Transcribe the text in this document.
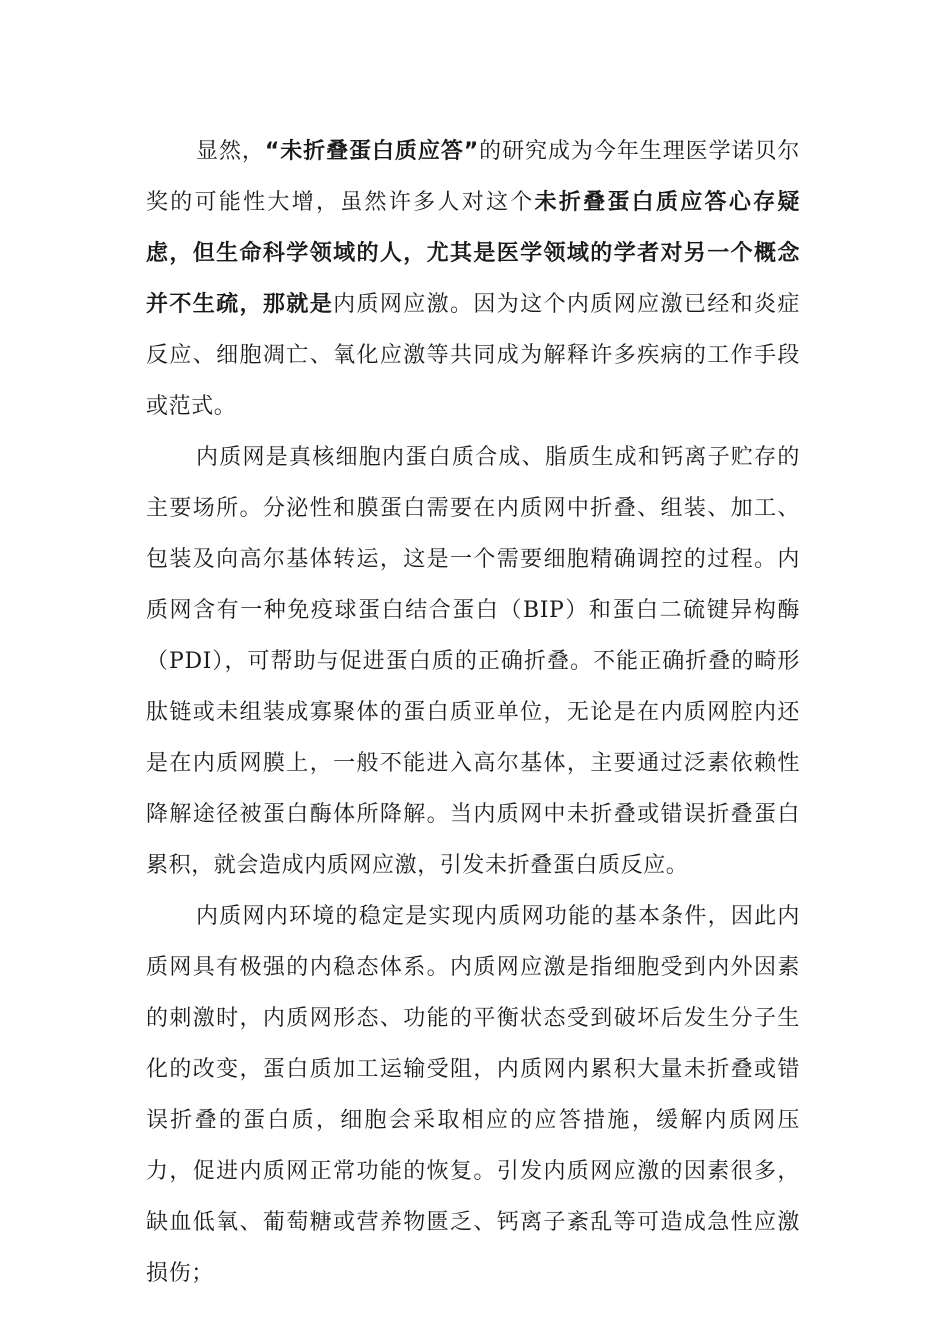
显然，“未折叠蛋白质应答”的研究成为今年生理医学诺贝尔奖的可能性大增，虽然许多人对这个未折叠蛋白质应答心存疑虑，但生命科学领域的人，尤其是医学领域的学者对另一个概念并不生疏，那就是内质网应激。因为这个内质网应激已经和炎症反应、细胞凋亡、氧化应激等共同成为解释许多疾病的工作手段或范式。

内质网是真核细胞内蛋白质合成、脂质生成和钙离子贮存的主要场所。分泌性和膜蛋白需要在内质网中折叠、组装、加工、包装及向高尔基体转运，这是一个需要细胞精确调控的过程。内质网含有一种免疫球蛋白结合蛋白（BIP）和蛋白二硫键异构酶（PDI），可帮助与促进蛋白质的正确折叠。不能正确折叠的畸形肽链或未组装成寡聚体的蛋白质亚单位，无论是在内质网腔内还是在内质网膜上，一般不能进入高尔基体，主要通过泛素依赖性降解途径被蛋白酶体所降解。当内质网中未折叠或错误折叠蛋白累积，就会造成内质网应激，引发未折叠蛋白质反应。

内质网内环境的稳定是实现内质网功能的基本条件，因此内质网具有极强的内稳态体系。内质网应激是指细胞受到内外因素的刺激时，内质网形态、功能的平衡状态受到破坏后发生分子生化的改变，蛋白质加工运输受阻，内质网内累积大量未折叠或错误折叠的蛋白质，细胞会采取相应的应答措施，缓解内质网压力，促进内质网正常功能的恢复。引发内质网应激的因素很多，缺血低氧、葡萄糖或营养物匮乏、钙离子紊乱等可造成急性应激损伤；
